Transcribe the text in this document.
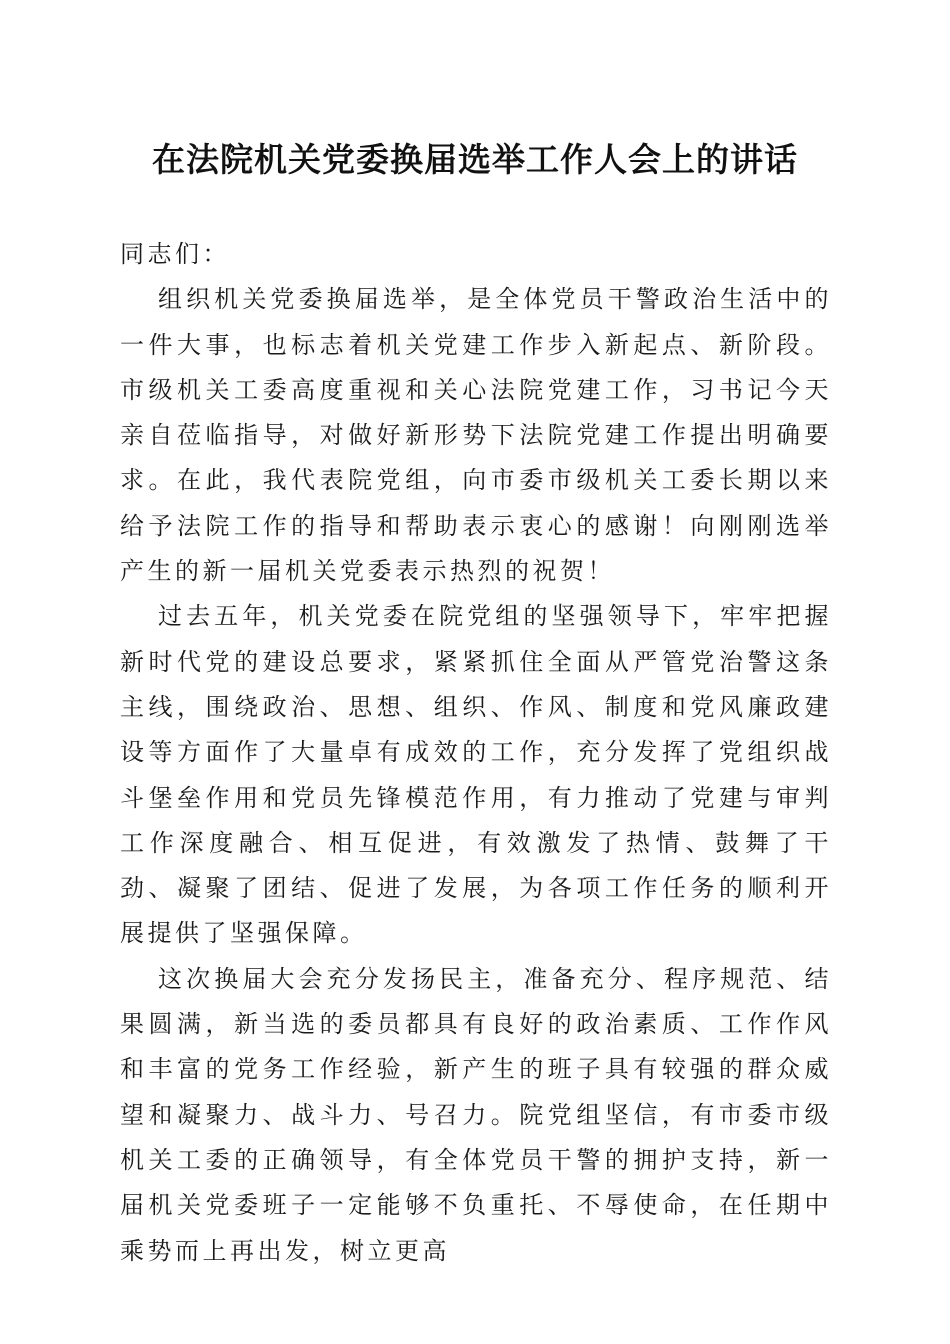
在法院机关党委换届选举工作人会上的讲话

同志们：

组织机关党委换届选举，是全体党员干警政治生活中的一件大事，也标志着机关党建工作步入新起点、新阶段。市级机关工委高度重视和关心法院党建工作，习书记今天亲自莅临指导，对做好新形势下法院党建工作提出明确要求。在此，我代表院党组，向市委市级机关工委长期以来给予法院工作的指导和帮助表示衷心的感谢！向刚刚选举产生的新一届机关党委表示热烈的祝贺！

过去五年，机关党委在院党组的坚强领导下，牢牢把握新时代党的建设总要求，紧紧抓住全面从严管党治警这条主线，围绕政治、思想、组织、作风、制度和党风廉政建设等方面作了大量卓有成效的工作，充分发挥了党组织战斗堡垒作用和党员先锋模范作用，有力推动了党建与审判工作深度融合、相互促进，有效激发了热情、鼓舞了干劲、凝聚了团结、促进了发展，为各项工作任务的顺利开展提供了坚强保障。

这次换届大会充分发扬民主，准备充分、程序规范、结果圆满，新当选的委员都具有良好的政治素质、工作作风和丰富的党务工作经验，新产生的班子具有较强的群众威望和凝聚力、战斗力、号召力。院党组坚信，有市委市级机关工委的正确领导，有全体党员干警的拥护支持，新一届机关党委班子一定能够不负重托、不辱使命，在任期中乘势而上再出发，树立更高
